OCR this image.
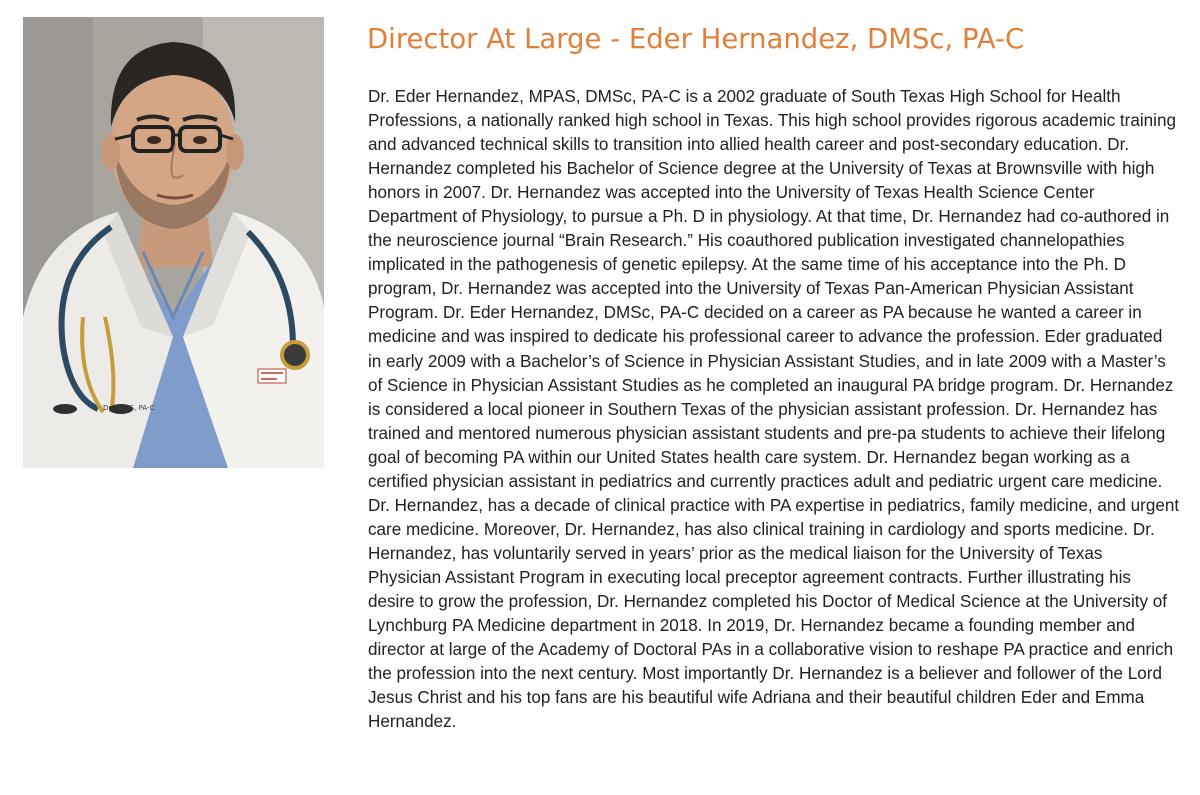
Dr. MPAS, PA-C
Director At Large - Eder Hernandez, DMSc, PA-C

Dr. Eder Hernandez, MPAS, DMSc, PA-C is a 2002 graduate of South Texas High School for Health Professions, a nationally ranked high school in Texas. This high school provides rigorous academic training and advanced technical skills to transition into allied health career and post-secondary education. Dr. Hernandez completed his Bachelor of Science degree at the University of Texas at Brownsville with high honors in 2007. Dr. Hernandez was accepted into the University of Texas Health Science Center Department of Physiology, to pursue a Ph. D in physiology. At that time, Dr. Hernandez had co-authored in the neuroscience journal “Brain Research.” His coauthored publication investigated channelopathies implicated in the pathogenesis of genetic epilepsy. At the same time of his acceptance into the Ph. D program, Dr. Hernandez was accepted into the University of Texas Pan-American Physician Assistant Program. Dr. Eder Hernandez, DMSc, PA-C decided on a career as PA because he wanted a career in medicine and was inspired to dedicate his professional career to advance the profession. Eder graduated in early 2009 with a Bachelor’s of Science in Physician Assistant Studies, and in late 2009 with a Master’s of Science in Physician Assistant Studies as he completed an inaugural PA bridge program. Dr. Hernandez is considered a local pioneer in Southern Texas of the physician assistant profession. Dr. Hernandez has trained and mentored numerous physician assistant students and pre-pa students to achieve their lifelong goal of becoming PA within our United States health care system. Dr. Hernandez began working as a certified physician assistant in pediatrics and currently practices adult and pediatric urgent care medicine. Dr. Hernandez, has a decade of clinical practice with PA expertise in pediatrics, family medicine, and urgent care medicine. Moreover, Dr. Hernandez, has also clinical training in cardiology and sports medicine. Dr. Hernandez, has voluntarily served in years’ prior as the medical liaison for the University of Texas Physician Assistant Program in executing local preceptor agreement contracts. Further illustrating his desire to grow the profession, Dr. Hernandez completed his Doctor of Medical Science at the University of Lynchburg PA Medicine department in 2018. In 2019, Dr. Hernandez became a founding member and director at large of the Academy of Doctoral PAs in a collaborative vision to reshape PA practice and enrich the profession into the next century. Most importantly Dr. Hernandez is a believer and follower of the Lord Jesus Christ and his top fans are his beautiful wife Adriana and their beautiful children Eder and Emma Hernandez.
